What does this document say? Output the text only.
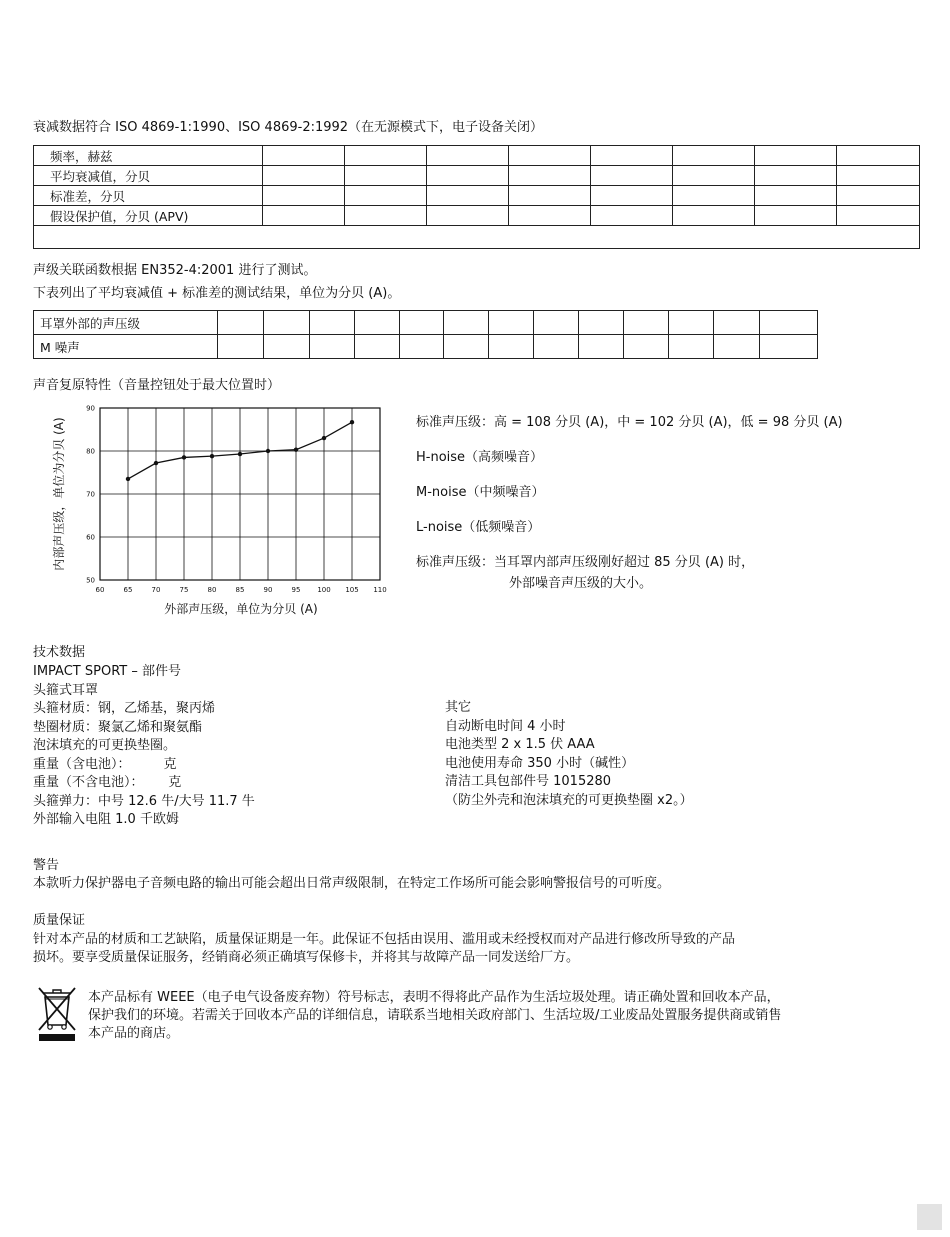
衰减数据符合 ISO 4869-1:1990、ISO 4869-2:1992（在无源模式下，电子设备关闭）
频率，赫兹								
平均衰减值，分贝								
标准差，分贝								
假设保护值，分贝 (APV)								

声级关联函数根据 EN352-4:2001 进行了测试。
下表列出了平均衰减值 + 标准差的测试结果，单位为分贝 (A)。
耳罩外部的声压级													
M 噪声													
声音复原特性（音量控钮处于最大位置时）
60	65	70	75	80	85	90	95 100 105 110
50
60
70
80
90
外部声压级，单位为分贝 (A)
内部声压级，单位为分贝 (A)	标准声压级：高 = 108 分贝 (A)，中 = 102 分贝 (A)，低 = 98 分贝 (A)
H-noise（高频噪音）
M-noise（中频噪音）
L-noise（低频噪音）
标准声压级：当耳罩内部声压级刚好超过 85 分贝 (A) 时，
外部噪音声压级的大小。
技术数据
IMPACT SPORT – 部件号
头箍式耳罩
头箍材质：钢，乙烯基，聚丙烯
垫圈材质：聚氯乙烯和聚氨酯
泡沫填充的可更换垫圈。
重量（含电池）：        克
重量（不含电池）：      克
头箍弹力：中号 12.6 牛/大号 11.7 牛
外部输入电阻 1.0 千欧姆
其它
自动断电时间 4 小时
电池类型 2 x 1.5 伏 AAA
电池使用寿命 350 小时（碱性）
清洁工具包部件号 1015280
（防尘外壳和泡沫填充的可更换垫圈 x2。）
警告
本款听力保护器电子音频电路的输出可能会超出日常声级限制，在特定工作场所可能会影响警报信号的可听度。
质量保证
针对本产品的材质和工艺缺陷，质量保证期是一年。此保证不包括由误用、滥用或未经授权而对产品进行修改所导致的产品
损坏。要享受质量保证服务，经销商必须正确填写保修卡，并将其与故障产品一同发送给厂方。
本产品标有 WEEE（电子电气设备废弃物）符号标志，表明不得将此产品作为生活垃圾处理。请正确处置和回收本产品，
保护我们的环境。若需关于回收本产品的详细信息，请联系当地相关政府部门、生活垃圾/工业废品处置服务提供商或销售
本产品的商店。
